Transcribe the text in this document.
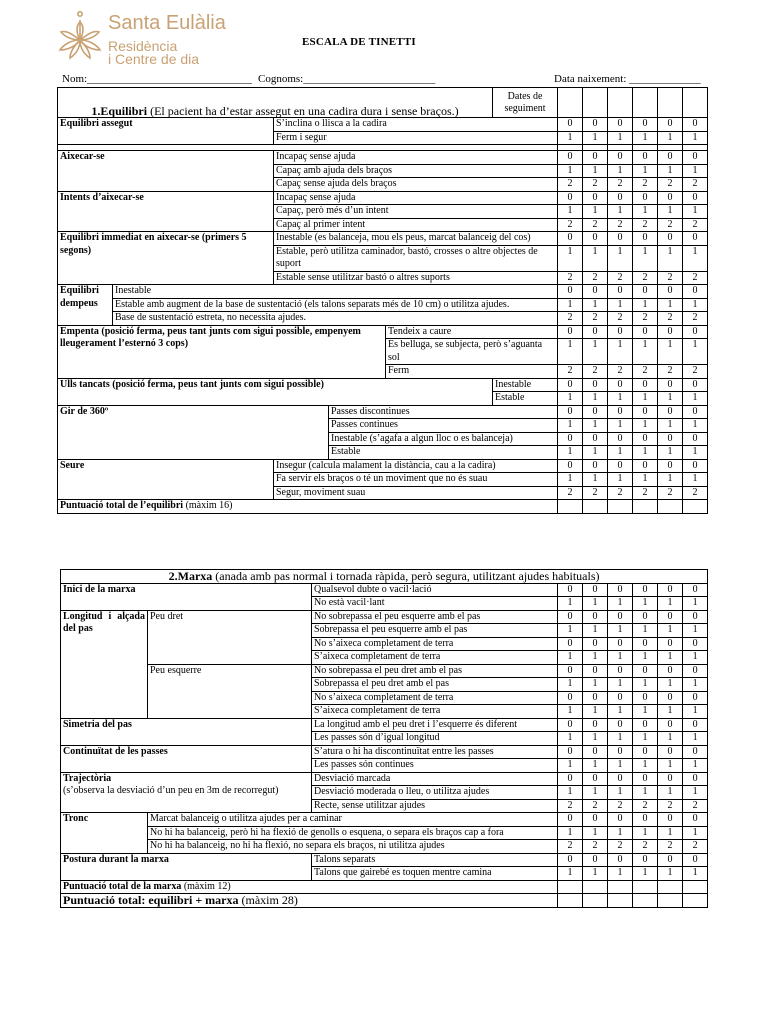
Santa Eulàlia
Residència
i Centre de dia
ESCALA DE TINETTI
Nom:______________________________ Cognoms:________________________	Data naixement: _____________
1.Equilibri (El pacient ha d’estar assegut en una cadira dura i sense braços.)					Dates de seguiment						
Equilibri assegut		S’inclina o llisca a la cadira				0	0	0	0	0	0
		Ferm i segur				1	1	1	1	1	1

Aixecar-se		Incapaç sense ajuda				0	0	0	0	0	0
		Capaç amb ajuda dels braços				1	1	1	1	1	1
		Capaç sense ajuda dels braços				2	2	2	2	2	2
Intents d’aixecar-se		Incapaç sense ajuda				0	0	0	0	0	0
		Capaç, però més d’un intent				1	1	1	1	1	1
		Capaç al primer intent				2	2	2	2	2	2
Equilibri immediat en aixecar-se (primers 5 segons)		Inestable (es balanceja, mou els peus, marcat balanceig del cos)				0	0	0	0	0	0
		Estable, però utilitza caminador, bastó, crosses o altre objectes de suport				1	1	1	1	1	1
		Estable sense utilitzar bastó o altres suports				2	2	2	2	2	2
Equilibri dempeus	Inestable					0	0	0	0	0	0
	Estable amb augment de la base de sustentació (els talons separats més de 10 cm) o utilitza ajudes.					1	1	1	1	1	1
	Base de sustentació estreta, no necessita ajudes.					2	2	2	2	2	2
Empenta (posició ferma, peus tant junts com sigui possible, empenyem lleugerament l’esternó 3 cops)				Tendeix a caure		0	0	0	0	0	0
				Es belluga, se subjecta, però s’aguanta sol		1	1	1	1	1	1
				Ferm		2	2	2	2	2	2
Ulls tancats (posició ferma, peus tant junts com sigui possible)					Inestable	0	0	0	0	0	0
					Estable	1	1	1	1	1	1
Gir de 360º			Passes discontinues			0	0	0	0	0	0
			Passes continues			1	1	1	1	1	1
			Inestable (s’agafa a algun lloc o es balanceja)			0	0	0	0	0	0
			Estable			1	1	1	1	1	1
Seure		Insegur (calcula malament la distància, cau a la cadira)				0	0	0	0	0	0
		Fa servir els braços o té un moviment que no és suau				1	1	1	1	1	1
		Segur, moviment suau				2	2	2	2	2	2
Puntuació total de l’equilibri (màxim 16)											
2.Marxa (anada amb pas normal i tornada ràpida, però segura, utilitzant ajudes habituals)								
Inici de la marxa		Qualsevol dubte o vacil·lació	0	0	0	0	0	0
		No està vacil·lant	1	1	1	1	1	1
Longitud i alçada del pas	Peu dret	No sobrepassa el peu esquerre amb el pas	0	0	0	0	0	0
		Sobrepassa el peu esquerre amb el pas	1	1	1	1	1	1
		No s’aixeca completament de terra	0	0	0	0	0	0
		S’aixeca completament de terra	1	1	1	1	1	1
	Peu esquerre	No sobrepassa el peu dret amb el pas	0	0	0	0	0	0
		Sobrepassa el peu dret amb el pas	1	1	1	1	1	1
		No s’aixeca completament de terra	0	0	0	0	0	0
		S’aixeca completament de terra	1	1	1	1	1	1
Simetria del pas		La longitud amb el peu dret i l’esquerre és diferent	0	0	0	0	0	0
		Les passes són d’igual longitud	1	1	1	1	1	1
Continuïtat de les passes		S’atura o hi ha discontinuïtat entre les passes	0	0	0	0	0	0
		Les passes són continues	1	1	1	1	1	1
Trajectòria
(s’observa la desviació d’un peu en 3m de recorregut)		Desviació marcada	0	0	0	0	0	0
		Desviació moderada o lleu, o utilitza ajudes	1	1	1	1	1	1
		Recte, sense utilitzar ajudes	2	2	2	2	2	2
Tronc	Marcat balanceig o utilitza ajudes per a caminar		0	0	0	0	0	0
	No hi ha balanceig, però hi ha flexió de genolls o esquena, o separa els braços cap a fora		1	1	1	1	1	1
	No hi ha balanceig, no hi ha flexió, no separa els braços, ni utilitza ajudes		2	2	2	2	2	2
Postura durant la marxa		Talons separats	0	0	0	0	0	0
		Talons que gairebé es toquen mentre camina	1	1	1	1	1	1
Puntuació total de la marxa (màxim 12)								
Puntuació total: equilibri + marxa (màxim 28)								
